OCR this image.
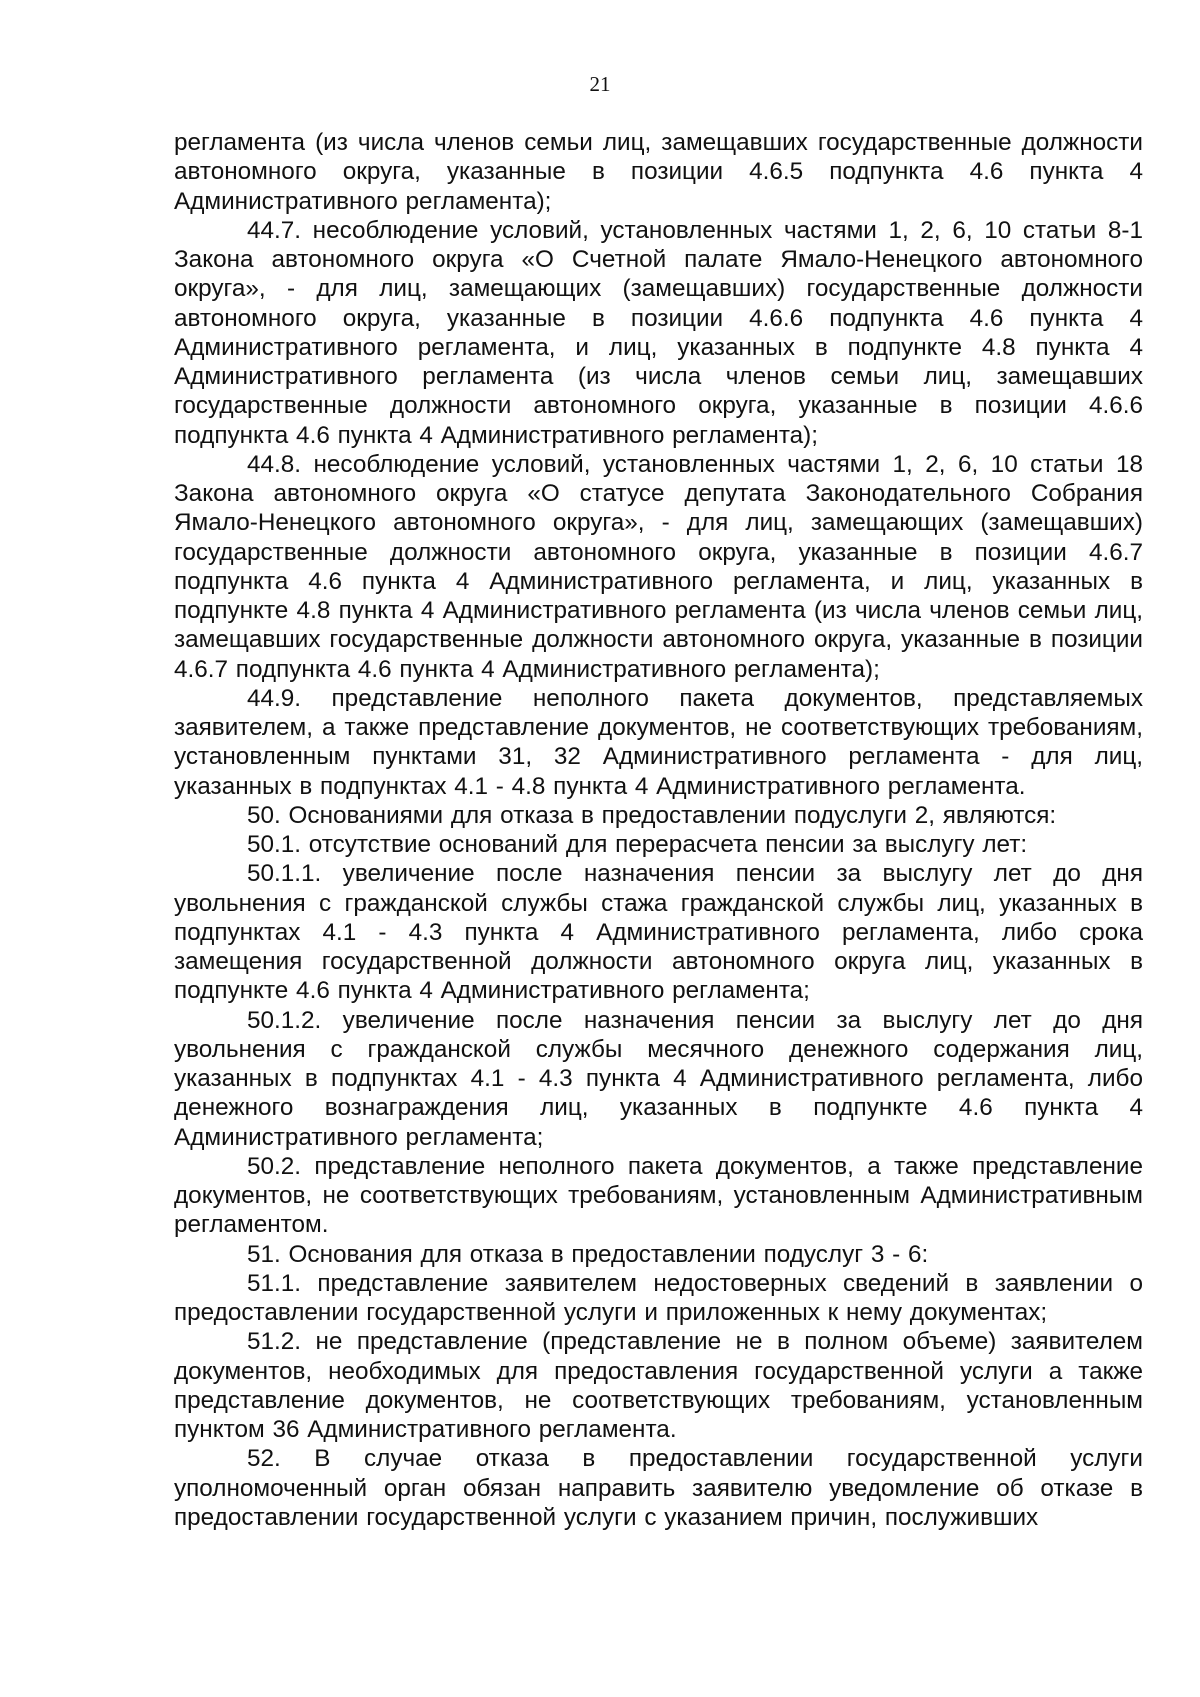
21

регламента (из числа членов семьи лиц, замещавших государственные должности автономного округа, указанные в позиции 4.6.5 подпункта 4.6 пункта 4 Административного регламента);

44.7. несоблюдение условий, установленных частями 1, 2, 6, 10 статьи 8-1 Закона автономного округа «О Счетной палате Ямало-Ненецкого автономного округа», - для лиц, замещающих (замещавших) государственные должности автономного округа, указанные в позиции 4.6.6 подпункта 4.6 пункта 4 Административного регламента, и лиц, указанных в подпункте 4.8 пункта 4 Административного регламента (из числа членов семьи лиц, замещавших государственные должности автономного округа, указанные в позиции 4.6.6 подпункта 4.6 пункта 4 Административного регламента);

44.8. несоблюдение условий, установленных частями 1, 2, 6, 10 статьи 18 Закона автономного округа «О статусе депутата Законодательного Собрания Ямало-Ненецкого автономного округа», - для лиц, замещающих (замещавших) государственные должности автономного округа, указанные в позиции 4.6.7 подпункта 4.6 пункта 4 Административного регламента, и лиц, указанных в подпункте 4.8 пункта 4 Административного регламента (из числа членов семьи лиц, замещавших государственные должности автономного округа, указанные в позиции 4.6.7 подпункта 4.6 пункта 4 Административного регламента);

44.9. представление неполного пакета документов, представляемых заявителем, а также представление документов, не соответствующих требованиям, установленным пунктами 31, 32 Административного регламента - для лиц, указанных в подпунктах 4.1 - 4.8 пункта 4 Административного регламента.

50. Основаниями для отказа в предоставлении подуслуги 2, являются:

50.1. отсутствие оснований для перерасчета пенсии за выслугу лет:

50.1.1. увеличение после назначения пенсии за выслугу лет до дня увольнения с гражданской службы стажа гражданской службы лиц, указанных в подпунктах 4.1 - 4.3 пункта 4 Административного регламента, либо срока замещения государственной должности автономного округа лиц, указанных в подпункте 4.6 пункта 4 Административного регламента;

50.1.2. увеличение после назначения пенсии за выслугу лет до дня увольнения с гражданской службы месячного денежного содержания лиц, указанных в подпунктах 4.1 - 4.3 пункта 4 Административного регламента, либо денежного вознаграждения лиц, указанных в подпункте 4.6 пункта 4 Административного регламента;

50.2. представление неполного пакета документов, а также представление документов, не соответствующих требованиям, установленным Административным регламентом.

51. Основания для отказа в предоставлении подуслуг 3 - 6:

51.1. представление заявителем недостоверных сведений в заявлении о предоставлении государственной услуги и приложенных к нему документах;

51.2. не представление (представление не в полном объеме) заявителем документов, необходимых для предоставления государственной услуги а также представление документов, не соответствующих требованиям, установленным пунктом 36 Административного регламента.

52. В случае отказа в предоставлении государственной услуги уполномоченный орган обязан направить заявителю уведомление об отказе в предоставлении государственной услуги с указанием причин, послуживших
